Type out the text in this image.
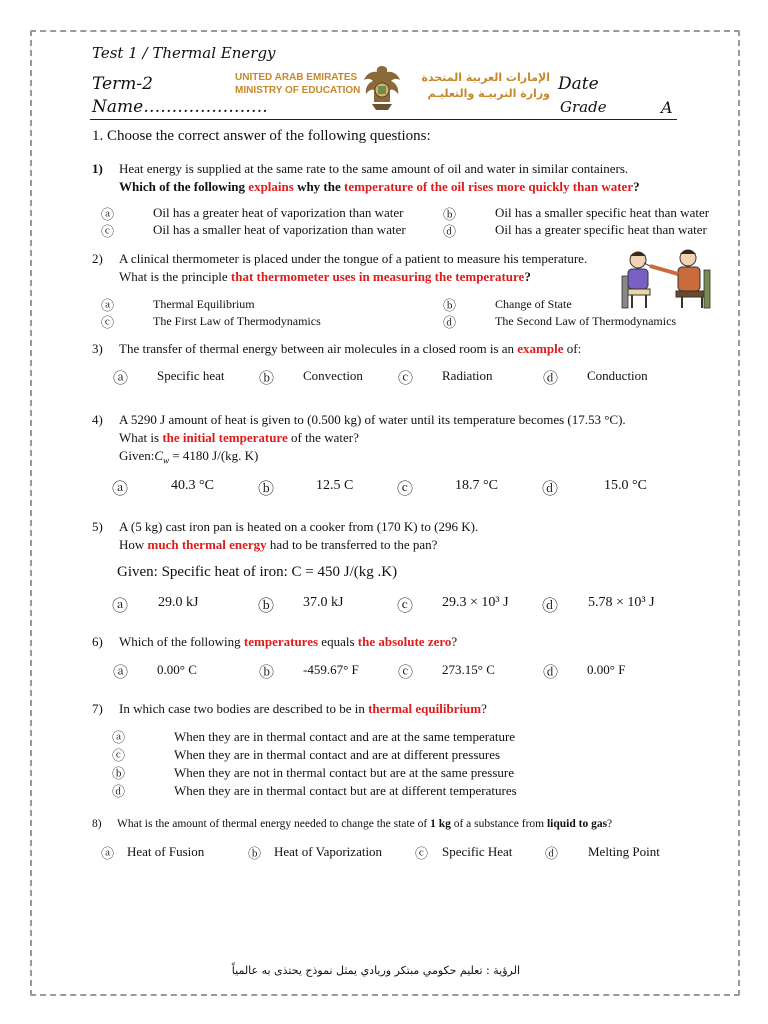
Test 1 / Thermal Energy
Term-2
Name………………….
UNITED ARAB EMIRATES
MINISTRY OF EDUCATION
الإمارات العربية المتحدة
وزارة التربيـة والتعليـم Date
Grade	A
1. Choose the correct answer of the following questions:
1) Heat energy is supplied at the same rate to the same amount of oil and water in similar containers.
Which of the following explains why the temperature of the oil rises more quickly than water?
ⓐ	Oil has a greater heat of vaporization than water	ⓑ	Oil has a smaller specific heat than water
ⓒ	Oil has a smaller heat of vaporization than water	ⓓ	Oil has a greater specific heat than water
2) A clinical thermometer is placed under the tongue of a patient to measure his temperature.
What is the principle that thermometer uses in measuring the temperature?
ⓐ	Thermal Equilibrium	ⓑ	Change of State
ⓒ	The First Law of Thermodynamics	ⓓ	The Second Law of Thermodynamics
3) The transfer of thermal energy between air molecules in a closed room is an example of:
ⓐ Specific heat ⓑ Convection ⓒ Radiation	ⓓ Conduction
4) A 5290 J amount of heat is given to (0.500 kg) of water until its temperature becomes (17.53 °C).
What is the initial temperature of the water?
$Given:C_w = 4180$ J/(kg. K)
ⓐ	40.3 °C	ⓑ	12.5 C	ⓒ	18.7 °C	ⓓ	15.0 °C
5) A (5 kg) cast iron pan is heated on a cooker from (170 K) to (296 K).
How much thermal energy had to be transferred to the pan?
Given: Specific heat of iron: C = 450 J/(kg .K)
ⓐ 29.0 kJ	ⓑ 37.0 kJ	ⓒ 29.3 × 10³ J ⓓ 5.78 × 10³ J
6) Which of the following temperatures equals the absolute zero?
ⓐ 0.00° C	ⓑ -459.67° F	ⓒ 273.15° C	ⓓ 0.00° F
7) In which case two bodies are described to be in thermal equilibrium?
ⓐ	When they are in thermal contact and are at the same temperature
ⓒ	When they are in thermal contact and are at different pressures
ⓑ	When they are not in thermal contact but are at the same pressure
ⓓ	When they are in thermal contact but are at different temperatures
8) What is the amount of thermal energy needed to change the state of 1 kg of a substance from liquid to gas?
ⓐ Heat of Fusion	ⓑ Heat of Vaporization	ⓒ Specific Heat	ⓓ Melting Point
الرؤية : تعليم حكومي مبتكر وريادي يمثل نموذج يحتذى به عالمياً
